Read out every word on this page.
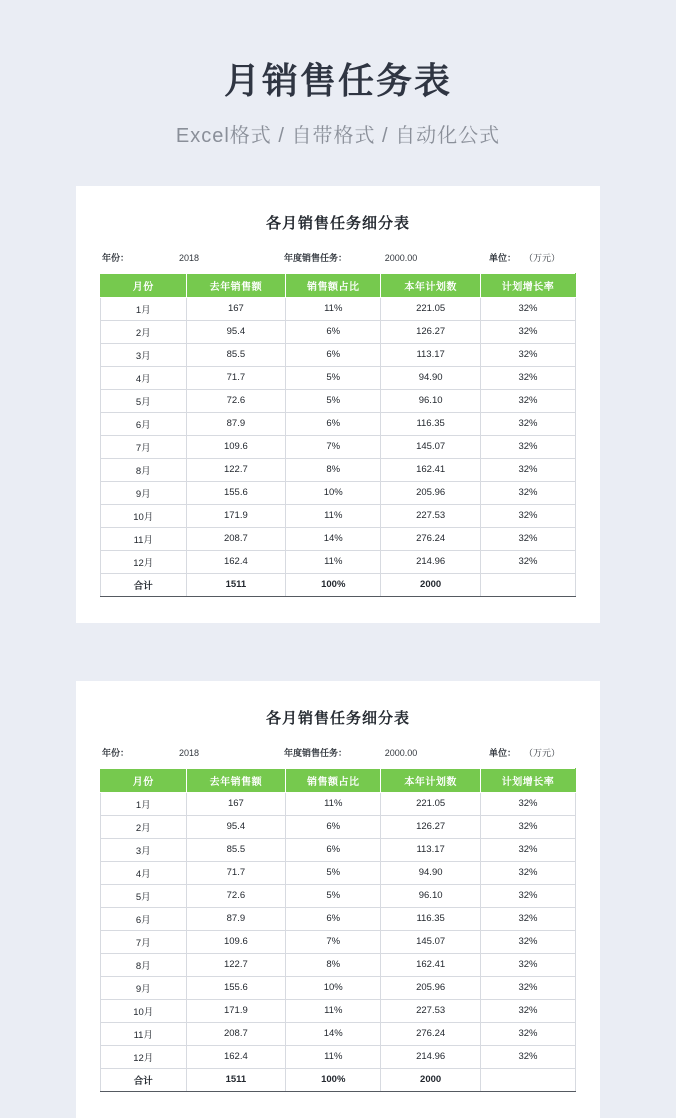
月销售任务表
Excel格式 / 自带格式 / 自动化公式
各月销售任务细分表
年份：	2018	年度销售任务：	2000.00	单位： （万元）
月份	去年销售额	销售额占比	本年计划数	计划增长率
1月	167	11%	221.05	32%
2月	95.4	6%	126.27	32%
3月	85.5	6%	113.17	32%
4月	71.7	5%	94.90	32%
5月	72.6	5%	96.10	32%
6月	87.9	6%	116.35	32%
7月	109.6	7%	145.07	32%
8月	122.7	8%	162.41	32%
9月	155.6	10%	205.96	32%
10月	171.9	11%	227.53	32%
11月	208.7	14%	276.24	32%
12月	162.4	11%	214.96	32%
合计	1511	100%	2000	
各月销售任务细分表
年份：	2018	年度销售任务：	2000.00	单位： （万元）
月份	去年销售额	销售额占比	本年计划数	计划增长率
1月	167	11%	221.05	32%
2月	95.4	6%	126.27	32%
3月	85.5	6%	113.17	32%
4月	71.7	5%	94.90	32%
5月	72.6	5%	96.10	32%
6月	87.9	6%	116.35	32%
7月	109.6	7%	145.07	32%
8月	122.7	8%	162.41	32%
9月	155.6	10%	205.96	32%
10月	171.9	11%	227.53	32%
11月	208.7	14%	276.24	32%
12月	162.4	11%	214.96	32%
合计	1511	100%	2000	
